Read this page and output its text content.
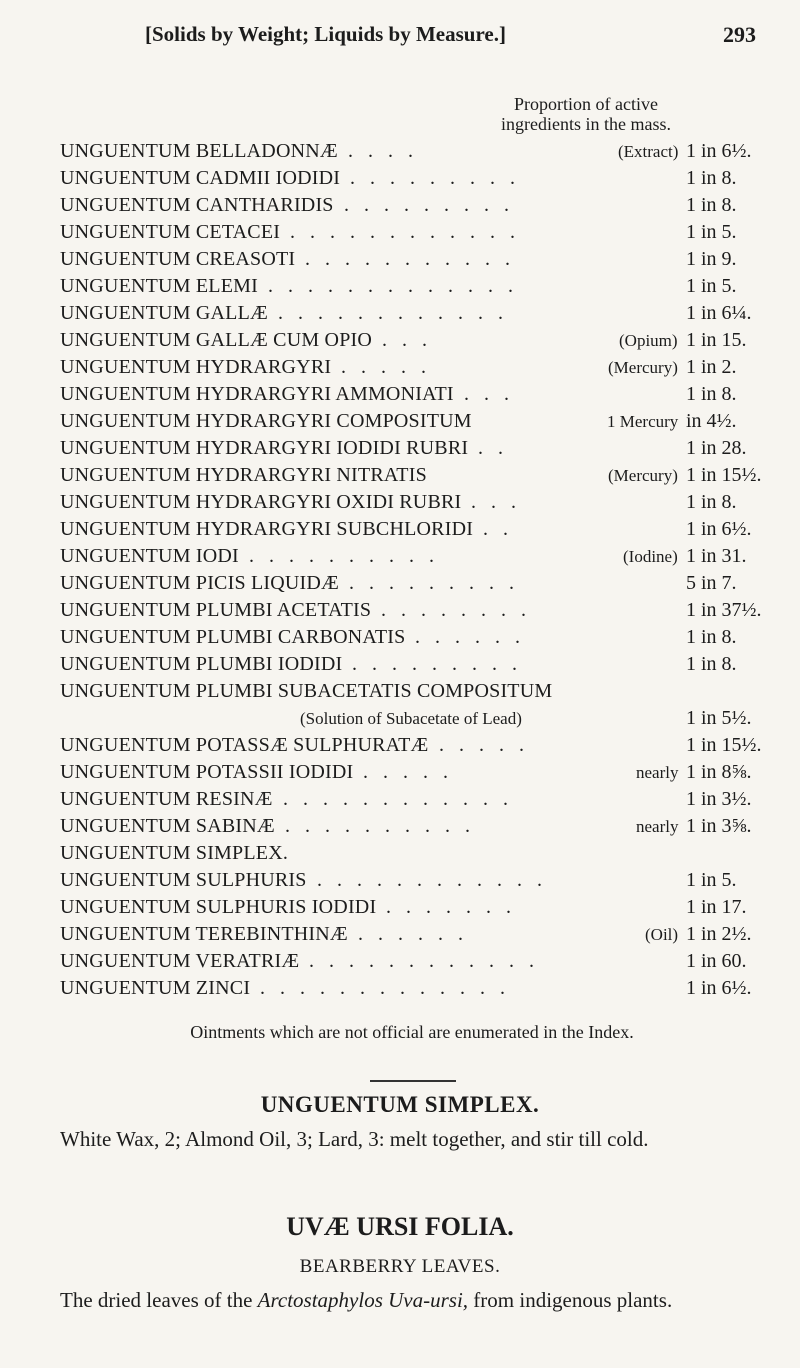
[Solids by Weight; Liquids by Measure.]	293
Proportion of active
ingredients in the mass.
UNGUENTUM BELLADONNÆ . . . .	(Extract) 1 in 6½.
UNGUENTUM CADMII IODIDI . . . . . . . . .	1 in 8.
UNGUENTUM CANTHARIDIS . . . . . . . . .	1 in 8.
UNGUENTUM CETACEI . . . . . . . . . . . .	1 in 5.
UNGUENTUM CREASOTI . . . . . . . . . . .	1 in 9.
UNGUENTUM ELEMI . . . . . . . . . . . . .	1 in 5.
UNGUENTUM GALLÆ . . . . . . . . . . . .	1 in 6¼.
UNGUENTUM GALLÆ CUM OPIO . . .	(Opium) 1 in 15.
UNGUENTUM HYDRARGYRI . . . . .	(Mercury) 1 in 2.
UNGUENTUM HYDRARGYRI AMMONIATI . . .	1 in 8.
UNGUENTUM HYDRARGYRI COMPOSITUM	1 Mercury in 4½.
UNGUENTUM HYDRARGYRI IODIDI RUBRI . .	1 in 28.
UNGUENTUM HYDRARGYRI NITRATIS	(Mercury) 1 in 15½.
UNGUENTUM HYDRARGYRI OXIDI RUBRI . . .	1 in 8.
UNGUENTUM HYDRARGYRI SUBCHLORIDI . .	1 in 6½.
UNGUENTUM IODI . . . . . . . . . .	(Iodine) 1 in 31.
UNGUENTUM PICIS LIQUIDÆ . . . . . . . . .	5 in 7.
UNGUENTUM PLUMBI ACETATIS . . . . . . . .	1 in 37½.
UNGUENTUM PLUMBI CARBONATIS . . . . . .	1 in 8.
UNGUENTUM PLUMBI IODIDI . . . . . . . . .	1 in 8.
UNGUENTUM PLUMBI SUBACETATIS COMPOSITUM
(Solution of Subacetate of Lead)	1 in 5½.
UNGUENTUM POTASSÆ SULPHURATÆ . . . . .	1 in 15½.
UNGUENTUM POTASSII IODIDI . . . . .	nearly 1 in 8⅝.
UNGUENTUM RESINÆ . . . . . . . . . . . .	1 in 3½.
UNGUENTUM SABINÆ . . . . . . . . . .	nearly 1 in 3⅝.
UNGUENTUM SIMPLEX.
UNGUENTUM SULPHURIS . . . . . . . . . . . .	1 in 5.
UNGUENTUM SULPHURIS IODIDI . . . . . . .	1 in 17.
UNGUENTUM TEREBINTHINÆ . . . . . .	(Oil) 1 in 2½.
UNGUENTUM VERATRIÆ . . . . . . . . . . . .	1 in 60.
UNGUENTUM ZINCI . . . . . . . . . . . . .	1 in 6½.
Ointments which are not official are enumerated in the Index.
UNGUENTUM SIMPLEX.
White Wax, 2; Almond Oil, 3; Lard, 3: melt together, and stir till cold.
UVÆ URSI FOLIA.
BEARBERRY LEAVES.
The dried leaves of the Arctostaphylos Uva-ursi, from indigenous plants.
